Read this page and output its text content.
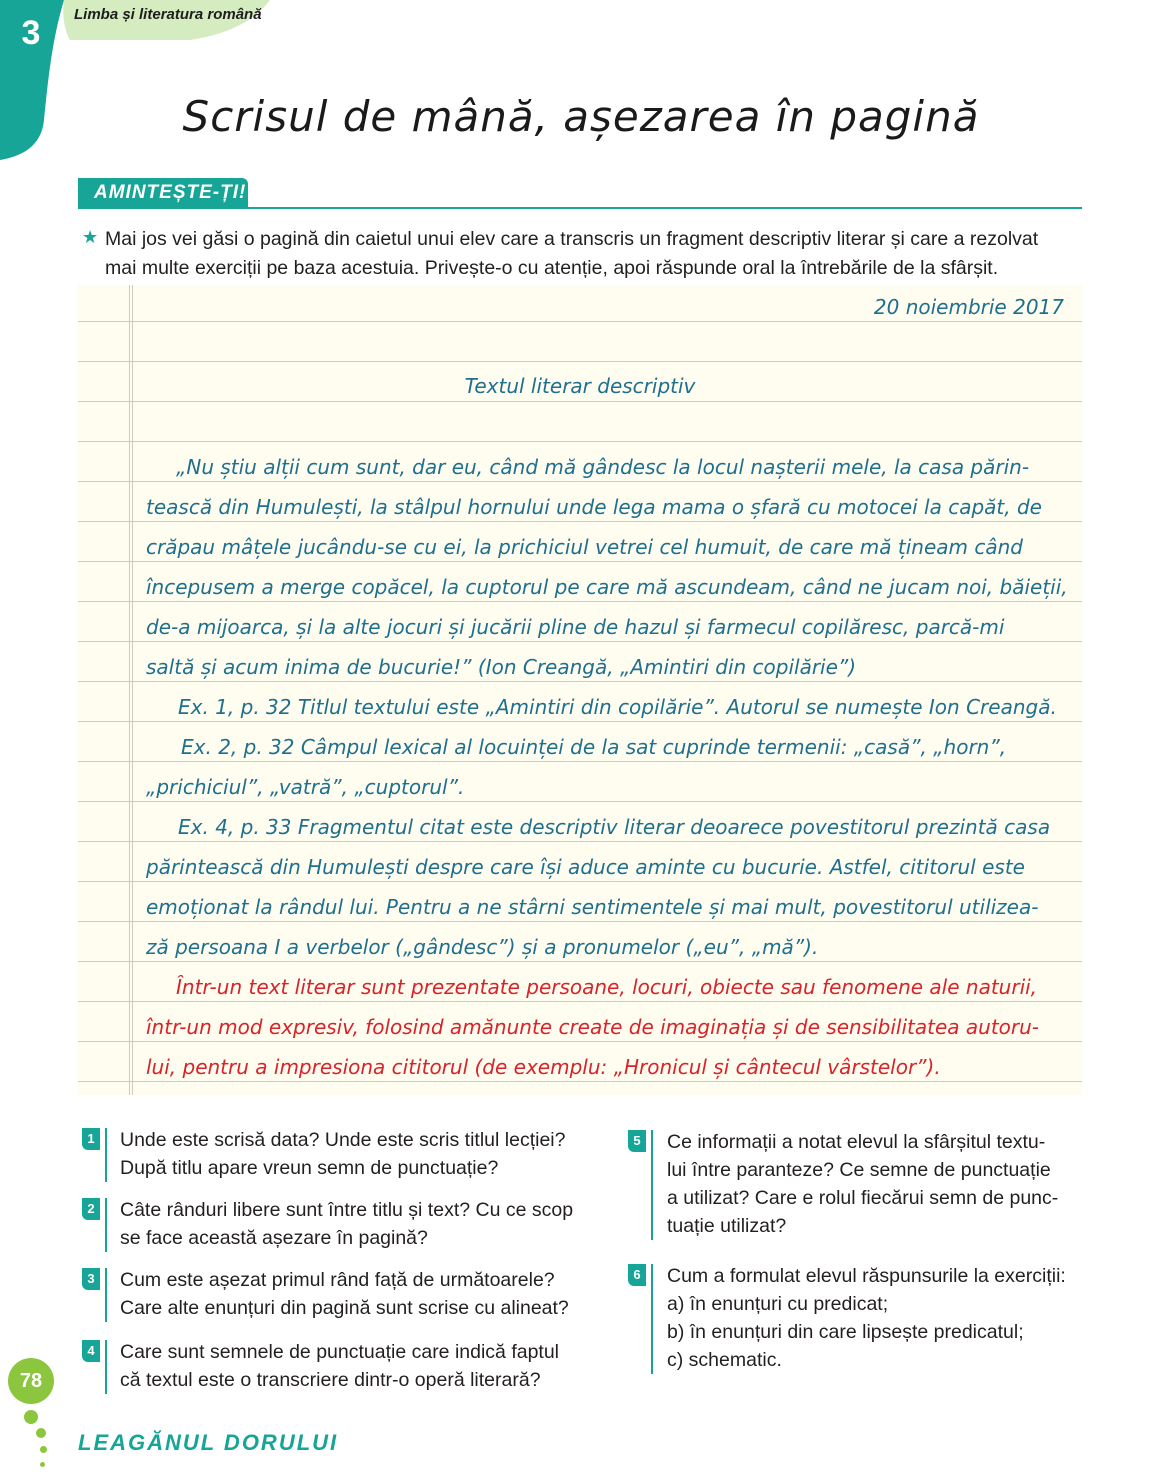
3	Limba și literatura română
Scrisul de mână, așezarea în pagină
AMINTEȘTE-ȚI!
★ Mai jos vei găsi o pagină din caietul unui elev care a transcris un fragment descriptiv literar și care a rezolvat
mai multe exerciții pe baza acestuia. Privește-o cu atenție, apoi răspunde oral la întrebările de la sfârșit.
20 noiembrie 2017
Textul literar descriptiv
„Nu știu alții cum sunt, dar eu, când mă gândesc la locul nașterii mele, la casa părin-
tească din Humulești, la stâlpul hornului unde lega mama o șfară cu motocei la capăt, de
crăpau mâțele jucându-se cu ei, la prichiciul vetrei cel humuit, de care mă țineam când
începusem a merge copăcel, la cuptorul pe care mă ascundeam, când ne jucam noi, băieții,
de-a mijoarca, și la alte jocuri și jucării pline de hazul și farmecul copilăresc, parcă-mi
saltă și acum inima de bucurie!” (Ion Creangă, „Amintiri din copilărie”)
Ex. 1, p. 32 Titlul textului este „Amintiri din copilărie”. Autorul se numește Ion Creangă.
Ex. 2, p. 32 Câmpul lexical al locuinței de la sat cuprinde termenii: „casă”, „horn”,
„prichiciul”, „vatră”, „cuptorul”.
Ex. 4, p. 33 Fragmentul citat este descriptiv literar deoarece povestitorul prezintă casa
părintească din Humulești despre care își aduce aminte cu bucurie. Astfel, cititorul este
emoționat la rândul lui. Pentru a ne stârni sentimentele și mai mult, povestitorul utilizea-
ză persoana I a verbelor („gândesc”) și a pronumelor („eu”, „mă”).
Într-un text literar sunt prezentate persoane, locuri, obiecte sau fenomene ale naturii,
într-un mod expresiv, folosind amănunte create de imaginația și de sensibilitatea autoru-
lui, pentru a impresiona cititorul (de exemplu: „Hronicul și cântecul vârstelor”).
1 Unde este scrisă data? Unde este scris titlul lecției?
După titlu apare vreun semn de punctuație?
2 Câte rânduri libere sunt între titlu și text? Cu ce scop
se face această așezare în pagină?
3 Cum este așezat primul rând față de următoarele?
Care alte enunțuri din pagină sunt scrise cu alineat?
4 Care sunt semnele de punctuație care indică faptul
că textul este o transcriere dintr-o operă literară?
5 Ce informații a notat elevul la sfârșitul textu-
lui între paranteze? Ce semne de punctuație
a utilizat? Care e rolul fiecărui semn de punc-
tuație utilizat?
6 Cum a formulat elevul răspunsurile la exerciții:
a) în enunțuri cu predicat;
b) în enunțuri din care lipsește predicatul;
c) schematic.
78
LEAGĂNUL DORULUI
